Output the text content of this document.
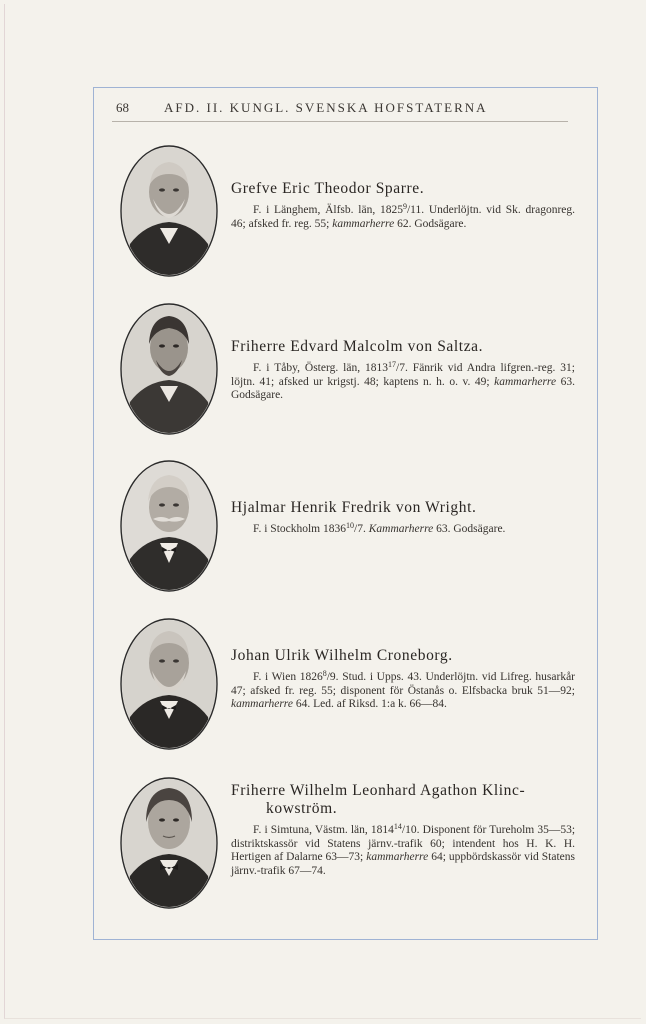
68	AFD. II. KUNGL. SVENSKA HOFSTATERNA
Grefve Eric Theodor Sparre.
F. i Länghem, Älfsb. län, 1825$^9$/11. Underlöjtn. vid Sk. dragonreg. 46; afsked fr. reg. 55; kammarherre 62. Godsägare.
Friherre Edvard Malcolm von Saltza.
F. i Tåby, Österg. län, 1813$^{17}$/7. Fänrik vid Andra lifgren.-reg. 31; löjtn. 41; afsked ur krigstj. 48; kaptens n. h. o. v. 49; kammarherre 63. Godsägare.
Hjalmar Henrik Fredrik von Wright.
F. i Stockholm 1836$^{10}$/7. Kammarherre 63. Godsägare.
Johan Ulrik Wilhelm Croneborg.
F. i Wien 1826$^8$/9. Stud. i Upps. 43. Underlöjtn. vid Lifreg. husarkår 47; afsked fr. reg. 55; disponent för Östanås o. Elfsbacka bruk 51—92; kammarherre 64. Led. af Riksd. 1:a k. 66—84.
Friherre Wilhelm Leonhard Agathon Klinc-
kowström.
F. i Simtuna, Västm. län, 1814$^{14}$/10. Disponent för Tureholm 35—53; distriktskassör vid Statens järnv.-trafik 60; intendent hos H. K. H. Hertigen af Dalarne 63—73; kammarherre 64; uppbördskassör vid Statens järnv.-trafik 67—74.
